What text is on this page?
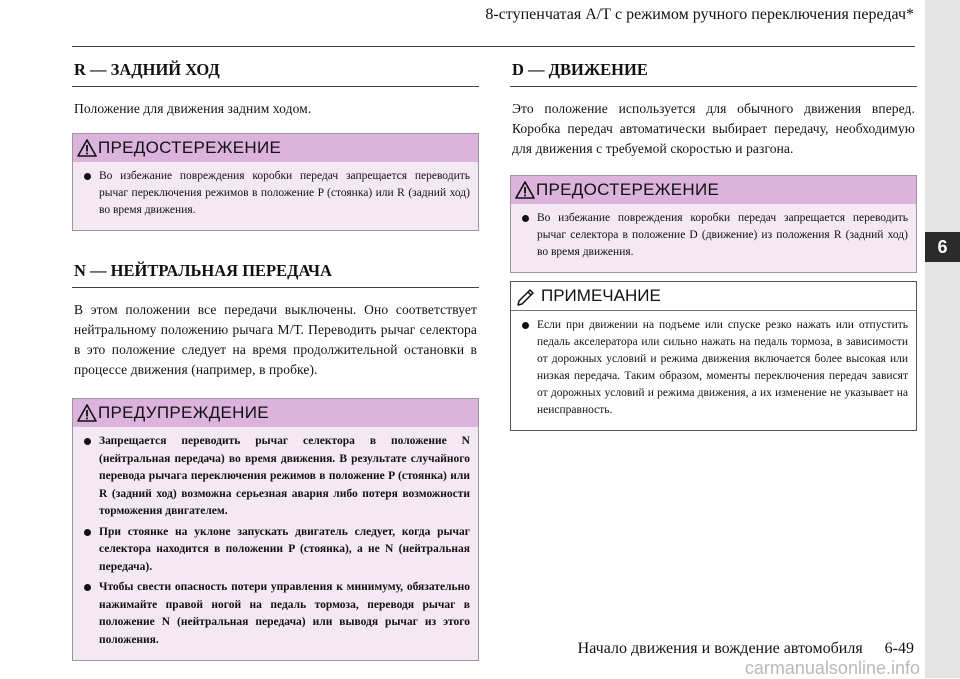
6
8-ступенчатая А/Т с режимом ручного переключения передач*
R — ЗАДНИЙ ХОД
Положение для движения задним ходом.
ПРЕДОСТЕРЕЖЕНИЕ
Во избежание повреждения коробки передач запрещается переводить рычаг переключения режимов в положение P (стоянка) или R (задний ход) во время движения.
N — НЕЙТРАЛЬНАЯ ПЕРЕДАЧА
В этом положении все передачи выключены. Оно соответствует нейтральному положению рычага М/Т. Переводить рычаг селектора в это положение следует на время продолжительной остановки в процессе движения (например, в пробке).
ПРЕДУПРЕЖДЕНИЕ
Запрещается переводить рычаг селектора в положение N (нейтральная передача) во время движения. В результате случайного перевода рычага переключения режимов в положение P (стоянка) или R (задний ход) возможна серьезная авария либо потеря возможности торможения двигателем.
При стоянке на уклоне запускать двигатель следует, когда рычаг селектора находится в положении P (стоянка), а не N (нейтральная передача).
Чтобы свести опасность потери управления к минимуму, обязательно нажимайте правой ногой на педаль тормоза, переводя рычаг в положение N (нейтральная передача) или выводя рычаг из этого положения.
D — ДВИЖЕНИЕ
Это положение используется для обычного движения вперед. Коробка передач автоматически выбирает передачу, необходимую для движения с требуемой скоростью и разгона.
ПРЕДОСТЕРЕЖЕНИЕ
Во избежание повреждения коробки передач запрещается переводить рычаг селектора в положение D (движение) из положения R (задний ход) во время движения.
ПРИМЕЧАНИЕ
Если при движении на подъеме или спуске резко нажать или отпустить педаль акселератора или сильно нажать на педаль тормоза, в зависимости от дорожных условий и режима движения включается более высокая или низкая передача. Таким образом, моменты переключения передач зависят от дорожных условий и режима движения, а их изменение не указывает на неисправность.
Начало движения и вождение автомобиля 6-49
carmanualsonline.info
